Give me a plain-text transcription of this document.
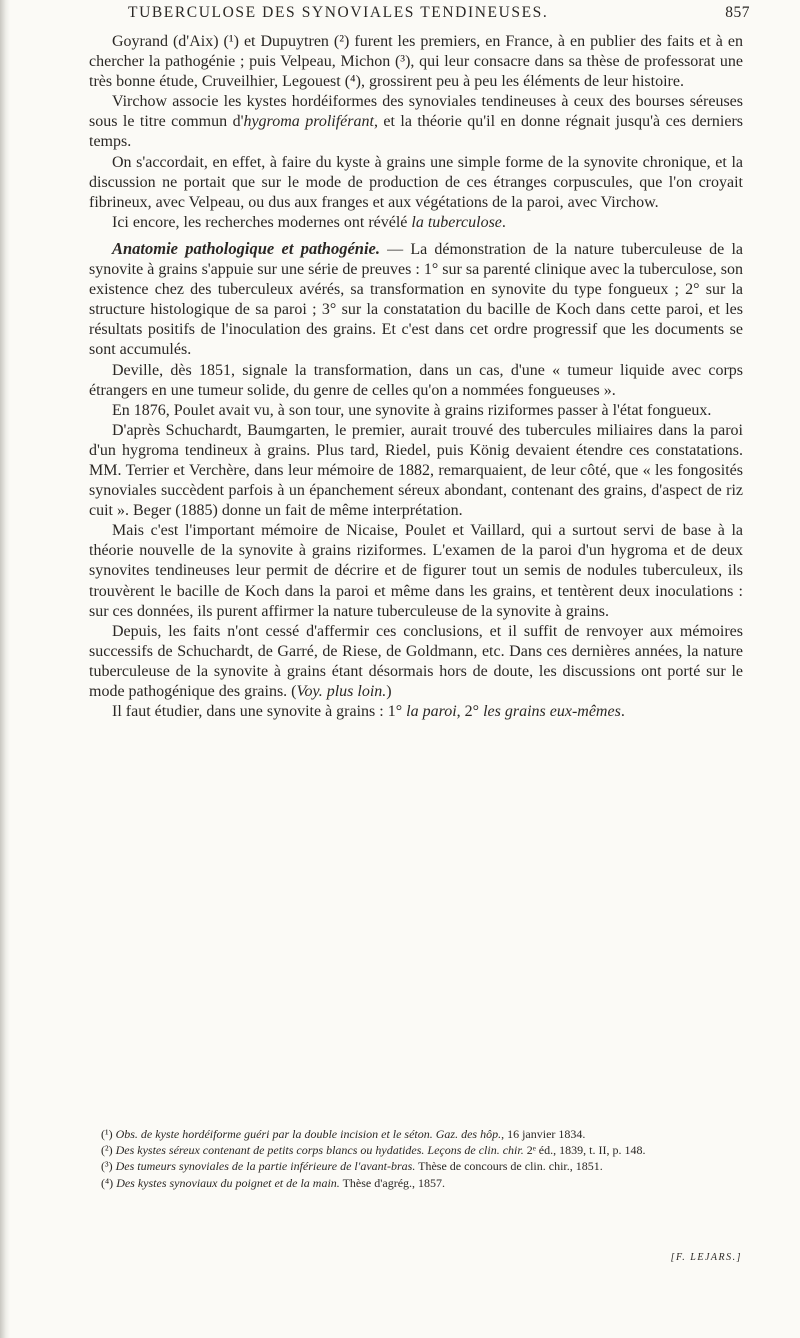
TUBERCULOSE DES SYNOVIALES TENDINEUSES.	857

Goyrand (d'Aix) (¹) et Dupuytren (²) furent les premiers, en France, à en publier des faits et à en chercher la pathogénie ; puis Velpeau, Michon (³), qui leur consacre dans sa thèse de professorat une très bonne étude, Cruveilhier, Legouest (⁴), grossirent peu à peu les éléments de leur histoire.

Virchow associe les kystes hordéiformes des synoviales tendineuses à ceux des bourses séreuses sous le titre commun d'hygroma proliférant, et la théorie qu'il en donne régnait jusqu'à ces derniers temps.

On s'accordait, en effet, à faire du kyste à grains une simple forme de la synovite chronique, et la discussion ne portait que sur le mode de production de ces étranges corpuscules, que l'on croyait fibrineux, avec Velpeau, ou dus aux franges et aux végétations de la paroi, avec Virchow.

Ici encore, les recherches modernes ont révélé la tuberculose.

Anatomie pathologique et pathogénie. — La démonstration de la nature tuberculeuse de la synovite à grains s'appuie sur une série de preuves : 1° sur sa parenté clinique avec la tuberculose, son existence chez des tuberculeux avérés, sa transformation en synovite du type fongueux ; 2° sur la structure histologique de sa paroi ; 3° sur la constatation du bacille de Koch dans cette paroi, et les résultats positifs de l'inoculation des grains. Et c'est dans cet ordre progressif que les documents se sont accumulés.

Deville, dès 1851, signale la transformation, dans un cas, d'une « tumeur liquide avec corps étrangers en une tumeur solide, du genre de celles qu'on a nommées fongueuses ».

En 1876, Poulet avait vu, à son tour, une synovite à grains riziformes passer à l'état fongueux.

D'après Schuchardt, Baumgarten, le premier, aurait trouvé des tubercules miliaires dans la paroi d'un hygroma tendineux à grains. Plus tard, Riedel, puis König devaient étendre ces constatations. MM. Terrier et Verchère, dans leur mémoire de 1882, remarquaient, de leur côté, que « les fongosités synoviales succèdent parfois à un épanchement séreux abondant, contenant des grains, d'aspect de riz cuit ». Beger (1885) donne un fait de même interprétation.

Mais c'est l'important mémoire de Nicaise, Poulet et Vaillard, qui a surtout servi de base à la théorie nouvelle de la synovite à grains riziformes. L'examen de la paroi d'un hygroma et de deux synovites tendineuses leur permit de décrire et de figurer tout un semis de nodules tuberculeux, ils trouvèrent le bacille de Koch dans la paroi et même dans les grains, et tentèrent deux inoculations : sur ces données, ils purent affirmer la nature tuberculeuse de la synovite à grains.

Depuis, les faits n'ont cessé d'affermir ces conclusions, et il suffit de renvoyer aux mémoires successifs de Schuchardt, de Garré, de Riese, de Goldmann, etc. Dans ces dernières années, la nature tuberculeuse de la synovite à grains étant désormais hors de doute, les discussions ont porté sur le mode pathogénique des grains. (Voy. plus loin.)

Il faut étudier, dans une synovite à grains : 1° la paroi, 2° les grains eux-mêmes.

(¹) Obs. de kyste hordéiforme guéri par la double incision et le séton. Gaz. des hôp., 16 janvier 1834.

(²) Des kystes séreux contenant de petits corps blancs ou hydatides. Leçons de clin. chir. 2ᵉ éd., 1839, t. II, p. 148.

(³) Des tumeurs synoviales de la partie inférieure de l'avant-bras. Thèse de concours de clin. chir., 1851.

(⁴) Des kystes synoviaux du poignet et de la main. Thèse d'agrég., 1857.

[F. LEJARS.]
